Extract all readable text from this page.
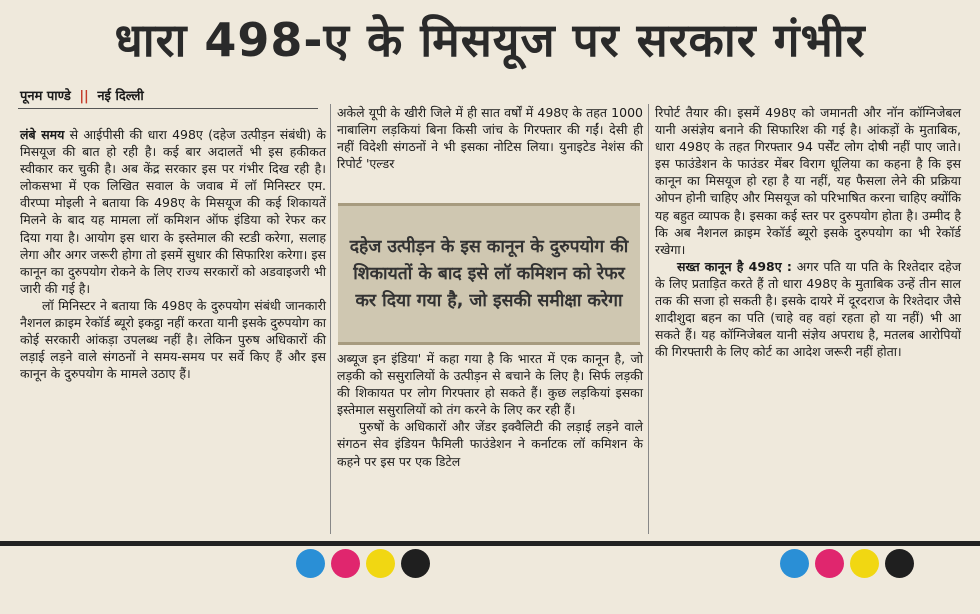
धारा 498-ए के मिसयूज पर सरकार गंभीर
पूनम पाण्डे || नई दिल्ली

लंबे समय से आईपीसी की धारा 498ए (दहेज उत्पीड़न संबंधी) के मिसयूज की बात हो रही है। कई बार अदालतें भी इस हकीकत स्वीकार कर चुकी है। अब केंद्र सरकार इस पर गंभीर दिख रही है। लोकसभा में एक लिखित सवाल के जवाब में लॉ मिनिस्टर एम. वीरप्पा मोइली ने बताया कि 498ए के मिसयूज की कई शिकायतें मिलने के बाद यह मामला लॉ कमिशन ऑफ इंडिया को रेफर कर दिया गया है। आयोग इस धारा के इस्तेमाल की स्टडी करेगा, सलाह लेगा और अगर जरूरी होगा तो इसमें सुधार की सिफारिश करेगा। इस कानून का दुरुपयोग रोकने के लिए राज्य सरकारों को अडवाइजरी भी जारी की गई है।

लॉ मिनिस्टर ने बताया कि 498ए के दुरुपयोग संबंधी जानकारी नैशनल क्राइम रेकॉर्ड ब्यूरो इकट्ठा नहीं करता यानी इसके दुरुपयोग का कोई सरकारी आंकड़ा उपलब्ध नहीं है। लेकिन पुरुष अधिकारों की लड़ाई लड़ने वाले संगठनों ने समय-समय पर सर्वे किए हैं और इस कानून के दुरुपयोग के मामले उठाए हैं।

अकेले यूपी के खीरी जिले में ही सात वर्षों में 498ए के तहत 1000 नाबालिग लड़कियां बिना किसी जांच के गिरफ्तार की गईं। देसी ही नहीं विदेशी संगठनों ने भी इसका नोटिस लिया। युनाइटेड नेशंस की रिपोर्ट 'एल्डर

दहेज उत्पीड़न के इस कानून के दुरुपयोग की शिकायतों के बाद इसे लॉ कमिशन को रेफर कर दिया गया है, जो इसकी समीक्षा करेगा

अब्यूज इन इंडिया' में कहा गया है कि भारत में एक कानून है, जो लड़की को ससुरालियों के उत्पीड़न से बचाने के लिए है। सिर्फ लड़की की शिकायत पर लोग गिरफ्तार हो सकते हैं। कुछ लड़कियां इसका इस्तेमाल ससुरालियों को तंग करने के लिए कर रही हैं।

पुरुषों के अधिकारों और जेंडर इक्वैलिटी की लड़ाई लड़ने वाले संगठन सेव इंडियन फैमिली फाउंडेशन ने कर्नाटक लॉ कमिशन के कहने पर इस पर एक डिटेल

रिपोर्ट तैयार की। इसमें 498ए को जमानती और नॉन कॉग्निजेबल यानी असंज्ञेय बनाने की सिफारिश की गई है। आंकड़ों के मुताबिक, धारा 498ए के तहत गिरफ्तार 94 पर्सेंट लोग दोषी नहीं पाए जाते। इस फाउंडेशन के फाउंडर मेंबर विराग धूलिया का कहना है कि इस कानून का मिसयूज हो रहा है या नहीं, यह फैसला लेने की प्रक्रिया ओपन होनी चाहिए और मिसयूज को परिभाषित करना चाहिए क्योंकि यह बहुत व्यापक है। इसका कई स्तर पर दुरुपयोग होता है। उम्मीद है कि अब नैशनल क्राइम रेकॉर्ड ब्यूरो इसके दुरुपयोग का भी रेकॉर्ड रखेगा।

सख्त कानून है 498ए : अगर पति या पति के रिश्तेदार दहेज के लिए प्रताड़ित करते हैं तो धारा 498ए के मुताबिक उन्हें तीन साल तक की सजा हो सकती है। इसके दायरे में दूरदराज के रिश्तेदार जैसे शादीशुदा बहन का पति (चाहे वह वहां रहता हो या नहीं) भी आ सकते हैं। यह कॉग्निजेबल यानी संज्ञेय अपराध है, मतलब आरोपियों की गिरफ्तारी के लिए कोर्ट का आदेश जरूरी नहीं होता।
